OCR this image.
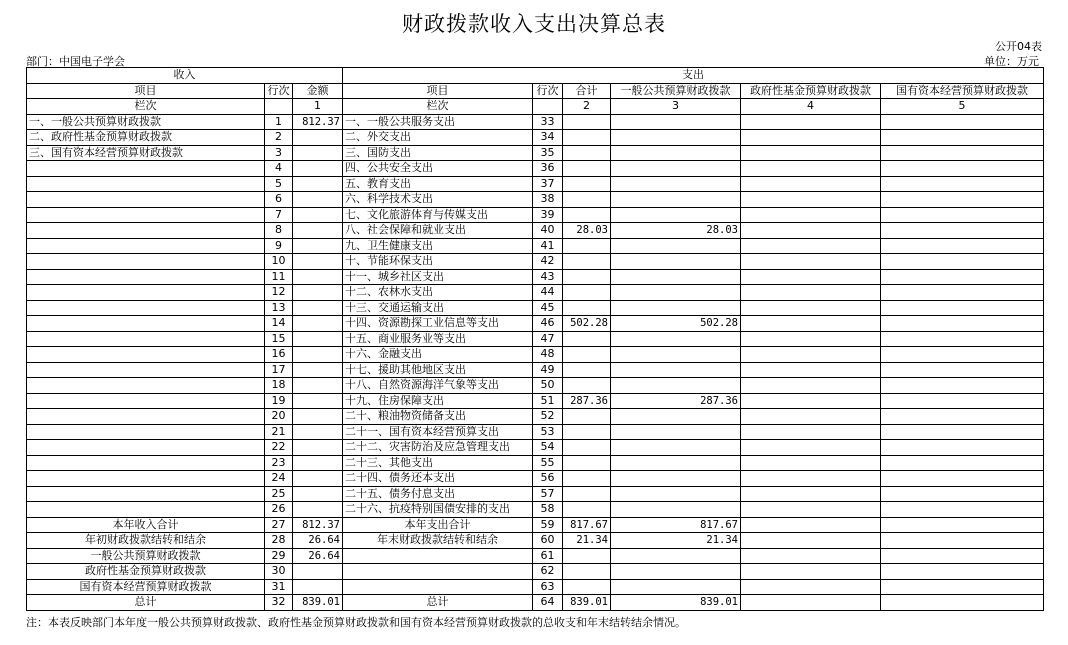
财政拨款收入支出决算总表
公开04表
部门：中国电子学会	单位：万元
收入			支出					
项目	行次	金额	项目	行次	合计	一般公共预算财政拨款	政府性基金预算财政拨款	国有资本经营预算财政拨款
栏次		1	栏次		2	3	4	5
一、一般公共预算财政拨款	1	812.37	一、一般公共服务支出	33				
二、政府性基金预算财政拨款	2		二、外交支出	34				
三、国有资本经营预算财政拨款	3		三、国防支出	35				
	4		四、公共安全支出	36				
	5		五、教育支出	37				
	6		六、科学技术支出	38				
	7		七、文化旅游体育与传媒支出	39				
	8		八、社会保障和就业支出	40	28.03	28.03		
	9		九、卫生健康支出	41				
	10		十、节能环保支出	42				
	11		十一、城乡社区支出	43				
	12		十二、农林水支出	44				
	13		十三、交通运输支出	45				
	14		十四、资源勘探工业信息等支出	46	502.28	502.28		
	15		十五、商业服务业等支出	47				
	16		十六、金融支出	48				
	17		十七、援助其他地区支出	49				
	18		十八、自然资源海洋气象等支出	50				
	19		十九、住房保障支出	51	287.36	287.36		
	20		二十、粮油物资储备支出	52				
	21		二十一、国有资本经营预算支出	53				
	22		二十二、灾害防治及应急管理支出	54				
	23		二十三、其他支出	55				
	24		二十四、债务还本支出	56				
	25		二十五、债务付息支出	57				
	26		二十六、抗疫特别国债安排的支出	58				
本年收入合计	27	812.37	本年支出合计	59	817.67	817.67		
年初财政拨款结转和结余	28	26.64	年末财政拨款结转和结余	60	21.34	21.34		
一般公共预算财政拨款	29	26.64		61				
政府性基金预算财政拨款	30			62				
国有资本经营预算财政拨款	31			63				
总计	32	839.01	总计	64	839.01	839.01		
注：本表反映部门本年度一般公共预算财政拨款、政府性基金预算财政拨款和国有资本经营预算财政拨款的总收支和年末结转结余情况。
